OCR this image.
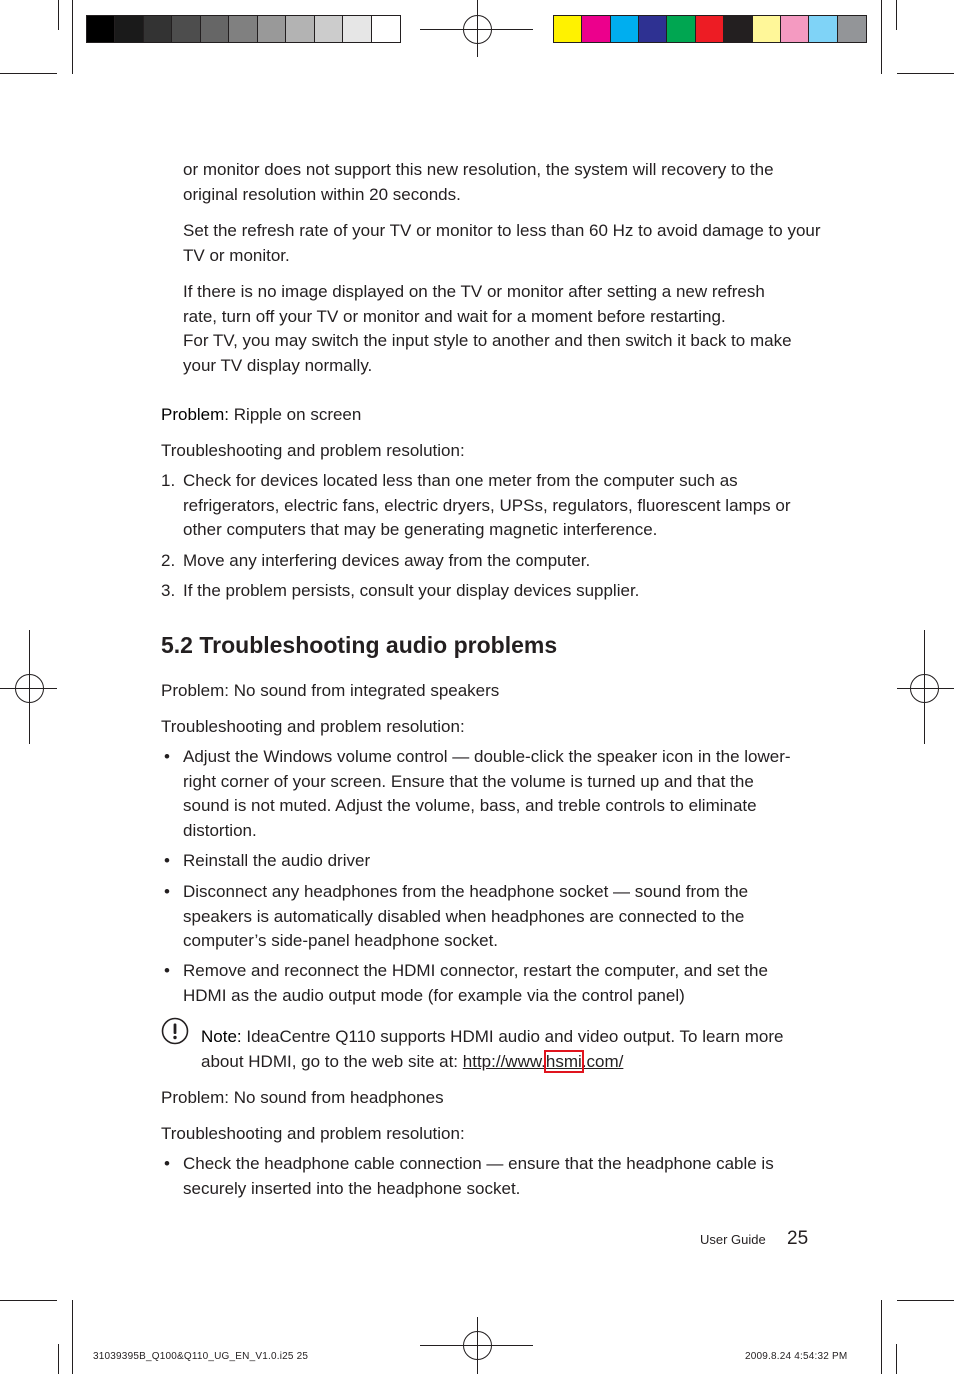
or monitor does not support this new resolution, the system will recovery to the original resolution within 20 seconds.

Set the refresh rate of your TV or monitor to less than 60 Hz to avoid damage to your TV or monitor.

If there is no image displayed on the TV or monitor after setting a new refresh rate, turn off your TV or monitor and wait for a moment before restarting.

For TV, you may switch the input style to another and then switch it back to make your TV display normally.

Problem: Ripple on screen

Troubleshooting and problem resolution:

1. Check for devices located less than one meter from the computer such as refrigerators, electric fans, electric dryers, UPSs, regulators, fluorescent lamps or other computers that may be generating magnetic interference.

2. Move any interfering devices away from the computer.

3. If the problem persists, consult your display devices supplier.

5.2 Troubleshooting audio problems

Problem: No sound from integrated speakers

Troubleshooting and problem resolution:

• Adjust the Windows volume control — double-click the speaker icon in the lower-right corner of your screen. Ensure that the volume is turned up and that the sound is not muted. Adjust the volume, bass, and treble controls to eliminate distortion.

• Reinstall the audio driver

• Disconnect any headphones from the headphone socket — sound from the speakers is automatically disabled when headphones are connected to the computer’s side-panel headphone socket.

• Remove and reconnect the HDMI connector, restart the computer, and set the HDMI as the audio output mode (for example via the control panel)

Note: IdeaCentre Q110 supports HDMI audio and video output. To learn more about HDMI, go to the web site at: http://www.hsmi.com/

Problem: No sound from headphones

Troubleshooting and problem resolution:

• Check the headphone cable connection — ensure that the headphone cable is securely inserted into the headphone socket.

User Guide 25
31039395B_Q100&Q110_UG_EN_V1.0.i25 25	2009.8.24 4:54:32 PM
